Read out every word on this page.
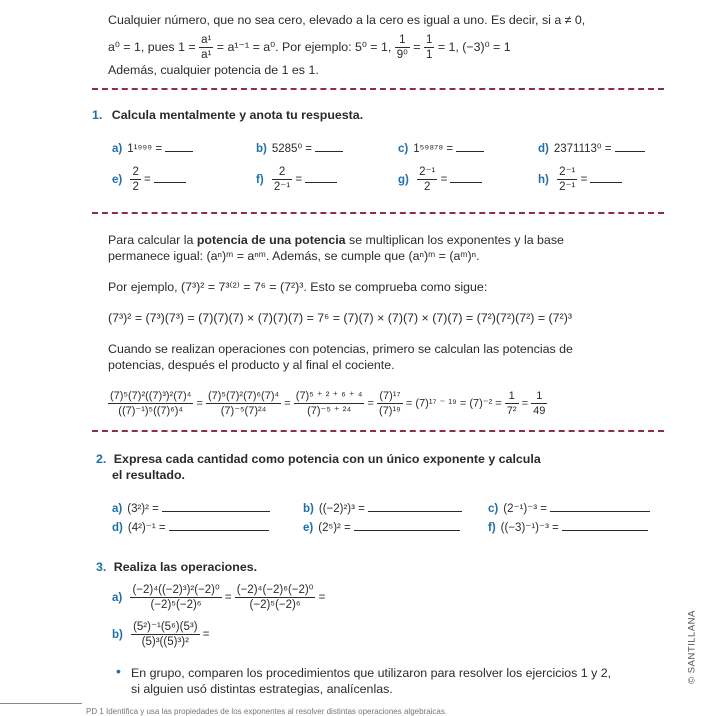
Cualquier número, que no sea cero, elevado a la cero es igual a uno. Es decir, si a ≠ 0,
a⁰ = 1, pues $1 = \frac{\text{a¹}}{\text{a¹}} = a^{1-1} = a^0$. Por ejemplo: 5⁰ = 1, $\frac{1}{\text{9⁰}} = \frac{1}{1} = 1$, (−3)⁰ = 1
Además, cualquier potencia de 1 es 1.
1. Calcula mentalmente y anota tu respuesta.
a) 1¹⁹⁹⁹ =	b) 5285⁰ =	c) 1⁵⁹⁸⁷⁸ =	d) 2371113⁰ =
$e) \frac{2}{2}$ =	$f) \frac{2}{\text{2⁻¹}}$ =	$g) \frac{\text{2⁻¹}}{2}$ =	$h) \frac{\text{2⁻¹}}{\text{2⁻¹}}$ =
Para calcular la potencia de una potencia se multiplican los exponentes y la base
permanece igual: (aⁿ)ᵐ = aⁿᵐ. Además, se cumple que (aⁿ)ᵐ = (aᵐ)ⁿ.
Por ejemplo, (7³)² = 7³⁽²⁾ = 7⁶ = (7²)³. Esto se comprueba como sigue:
(7³)² = (7³)(7³) = (7)(7)(7) × (7)(7)(7) = 7⁶ = (7)(7) × (7)(7) × (7)(7) = (7²)(7²)(7²) = (7²)³
Cuando se realizan operaciones con potencias, primero se calculan las potencias de
potencias, después el producto y al final el cociente.
$\frac{\text{(7)⁵(7)²((7)³)²(7)⁴}}{\text{((7)⁻¹)⁵((7)⁶)⁴}} = \frac{\text{(7)⁵(7)²(7)⁶(7)⁴}}{\text{(7)⁻⁵(7)²⁴}} = \frac{\text{(7)⁵ ⁺ ² ⁺ ⁶ ⁺ ⁴}}{\text{(7)⁻⁵ ⁺ ²⁴}} = \frac{\text{(7)¹⁷}}{\text{(7)¹⁹}} = (7)^{17}$ ⁻ $^{19} = (7)^{-2} = \frac{1}{\text{7²}} = \frac{1}{49}$
2. Expresa cada cantidad como potencia con un único exponente y calcula
el resultado.
a) (3²)² =	b) ((−2)²)³ =	c) (2⁻¹)⁻³ =
d) (4²)⁻¹ =	e) (2⁵)² =	f) ((−3)⁻¹)⁻³ =
3. Realiza las operaciones.
$a) \frac{\text{(−2)⁴((−2)³)²(−2)⁰}}{\text{(−2)⁵(−2)⁶}} = \frac{\text{(−2)⁴(−2)⁶(−2)⁰}}{\text{(−2)⁵(−2)⁶}}$ =
$b) \frac{\text{(5²)⁻¹(5⁶)(5³)}}{\text{(5)³((5)³)²}}$ =
• En grupo, comparen los procedimientos que utilizaron para resolver los ejercicios 1 y 2,
si alguien usó distintas estrategias, analícenlas.
© SANTILLANA
PD 1 Identifica y usa las propiedades de los exponentes al resolver distintas operaciones algebraicas.
